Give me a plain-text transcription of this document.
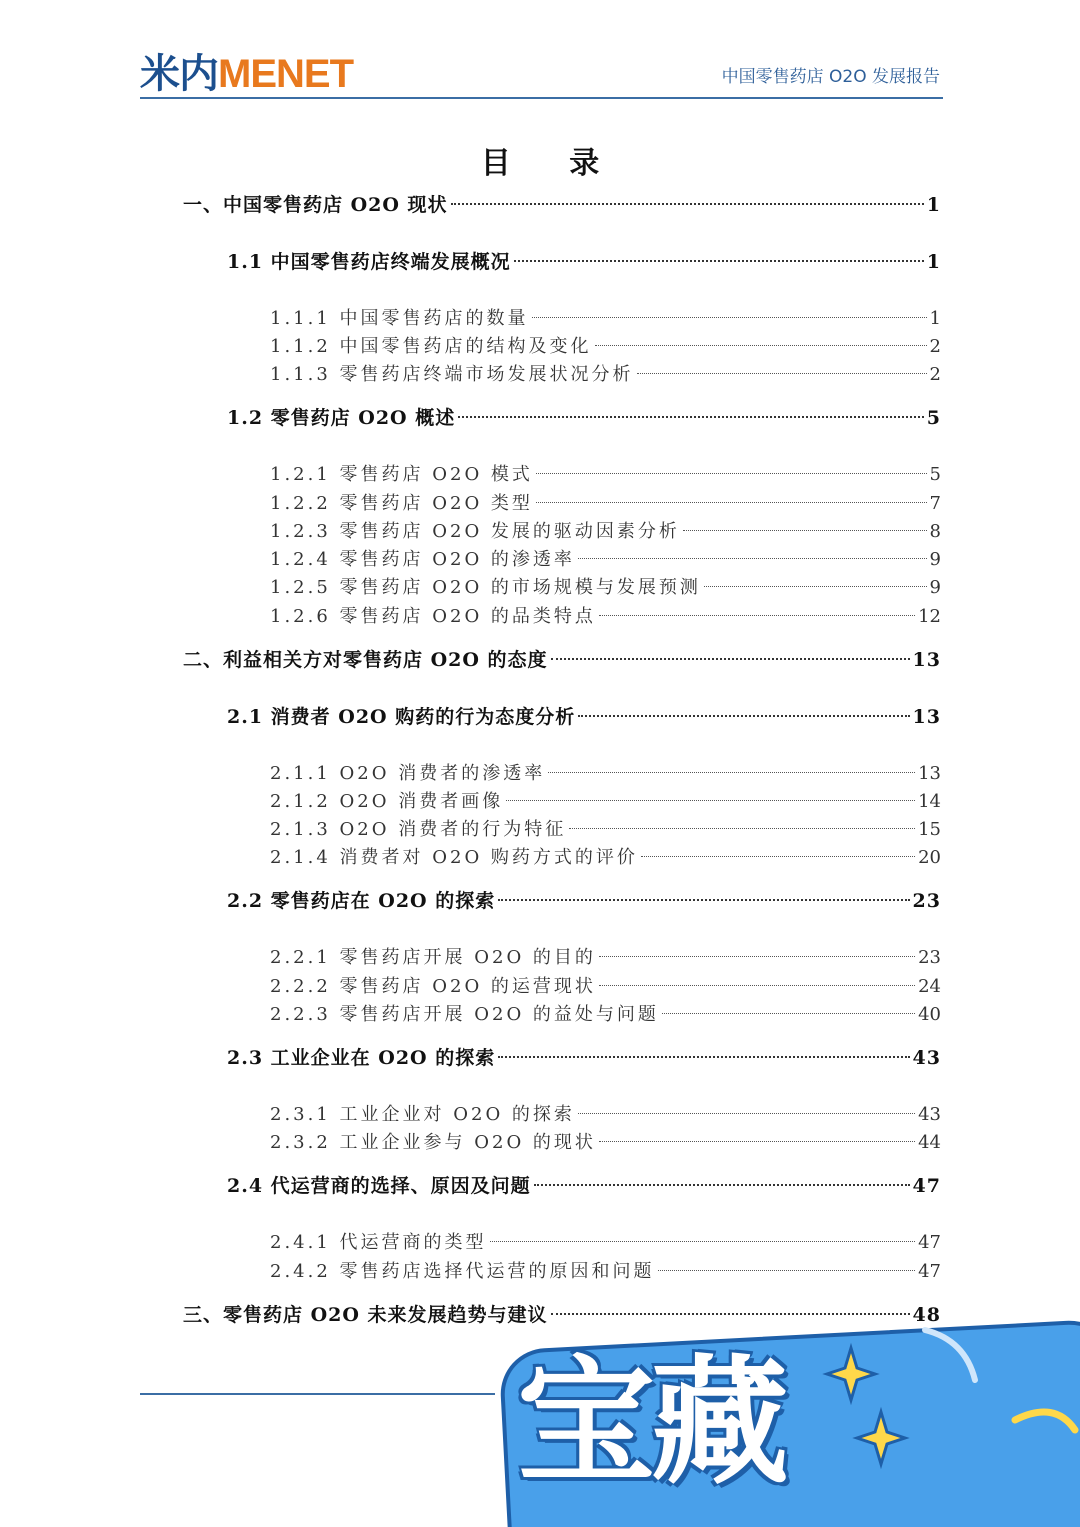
米内MENET	中国零售药店 O2O 发展报告
目 录
一、中国零售药店 O2O 现状	1
1.1 中国零售药店终端发展概况	1
1.1.1 中国零售药店的数量	1
1.1.2 中国零售药店的结构及变化	2
1.1.3 零售药店终端市场发展状况分析	2
1.2 零售药店 O2O 概述	5
1.2.1 零售药店 O2O 模式	5
1.2.2 零售药店 O2O 类型	7
1.2.3 零售药店 O2O 发展的驱动因素分析	8
1.2.4 零售药店 O2O 的渗透率	9
1.2.5 零售药店 O2O 的市场规模与发展预测	9
1.2.6 零售药店 O2O 的品类特点	12
二、利益相关方对零售药店 O2O 的态度	13
2.1 消费者 O2O 购药的行为态度分析	13
2.1.1 O2O 消费者的渗透率	13
2.1.2 O2O 消费者画像	14
2.1.3 O2O 消费者的行为特征	15
2.1.4 消费者对 O2O 购药方式的评价	20
2.2 零售药店在 O2O 的探索	23
2.2.1 零售药店开展 O2O 的目的	23
2.2.2 零售药店 O2O 的运营现状	24
2.2.3 零售药店开展 O2O 的益处与问题	40
2.3 工业企业在 O2O 的探索	43
2.3.1 工业企业对 O2O 的探索	43
2.3.2 工业企业参与 O2O 的现状	44
2.4 代运营商的选择、原因及问题	47
2.4.1 代运营商的类型	47
2.4.2 零售药店选择代运营的原因和问题	47
三、零售药店 O2O 未来发展趋势与建议	48
宝藏
